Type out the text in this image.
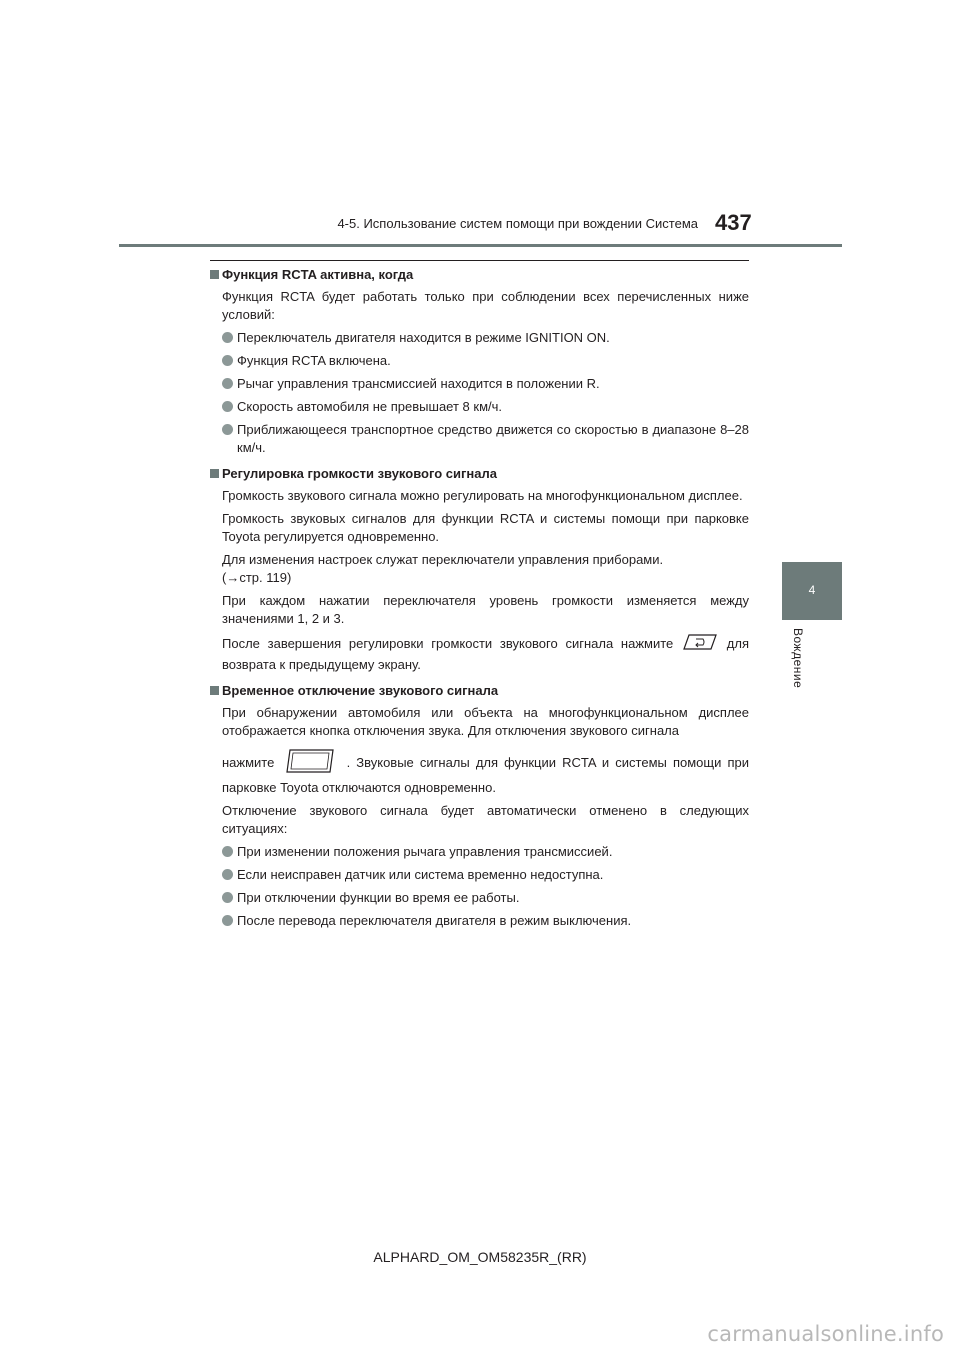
4-5. Использование систем помощи при вождении Система 437
4
Вождение
Функция RCTA активна, когда

Функция RCTA будет работать только при соблюдении всех перечисленных ниже условий:

Переключатель двигателя находится в режиме IGNITION ON.
Функция RCTA включена.
Рычаг управления трансмиссией находится в положении R.
Скорость автомобиля не превышает 8 км/ч.
Приближающееся транспортное средство движется со скоростью в диапазоне 8–28 км/ч.
Регулировка громкости звукового сигнала

Громкость звукового сигнала можно регулировать на многофункциональном дисплее.

Громкость звуковых сигналов для функции RCTA и системы помощи при парковке Toyota регулируется одновременно.

Для изменения настроек служат переключатели управления приборами.
(→стр. 119)

При каждом нажатии переключателя уровень громкости изменяется между значениями 1, 2 и 3.

После завершения регулировки громкости звукового сигнала нажмите	для возврата к предыдущему экрану.

Временное отключение звукового сигнала

При обнаружении автомобиля или объекта на многофункциональном дисплее отображается кнопка отключения звука. Для отключения звукового сигнала

нажмите	. Звуковые сигналы для функции RCTA и системы помощи при парковке Toyota отключаются одновременно.

Отключение звукового сигнала будет автоматически отменено в следующих ситуациях:

При изменении положения рычага управления трансмиссией.
Если неисправен датчик или система временно недоступна.
При отключении функции во время ее работы.
После перевода переключателя двигателя в режим выключения.
ALPHARD_OM_OM58235R_(RR)
carmanualsonline.info
